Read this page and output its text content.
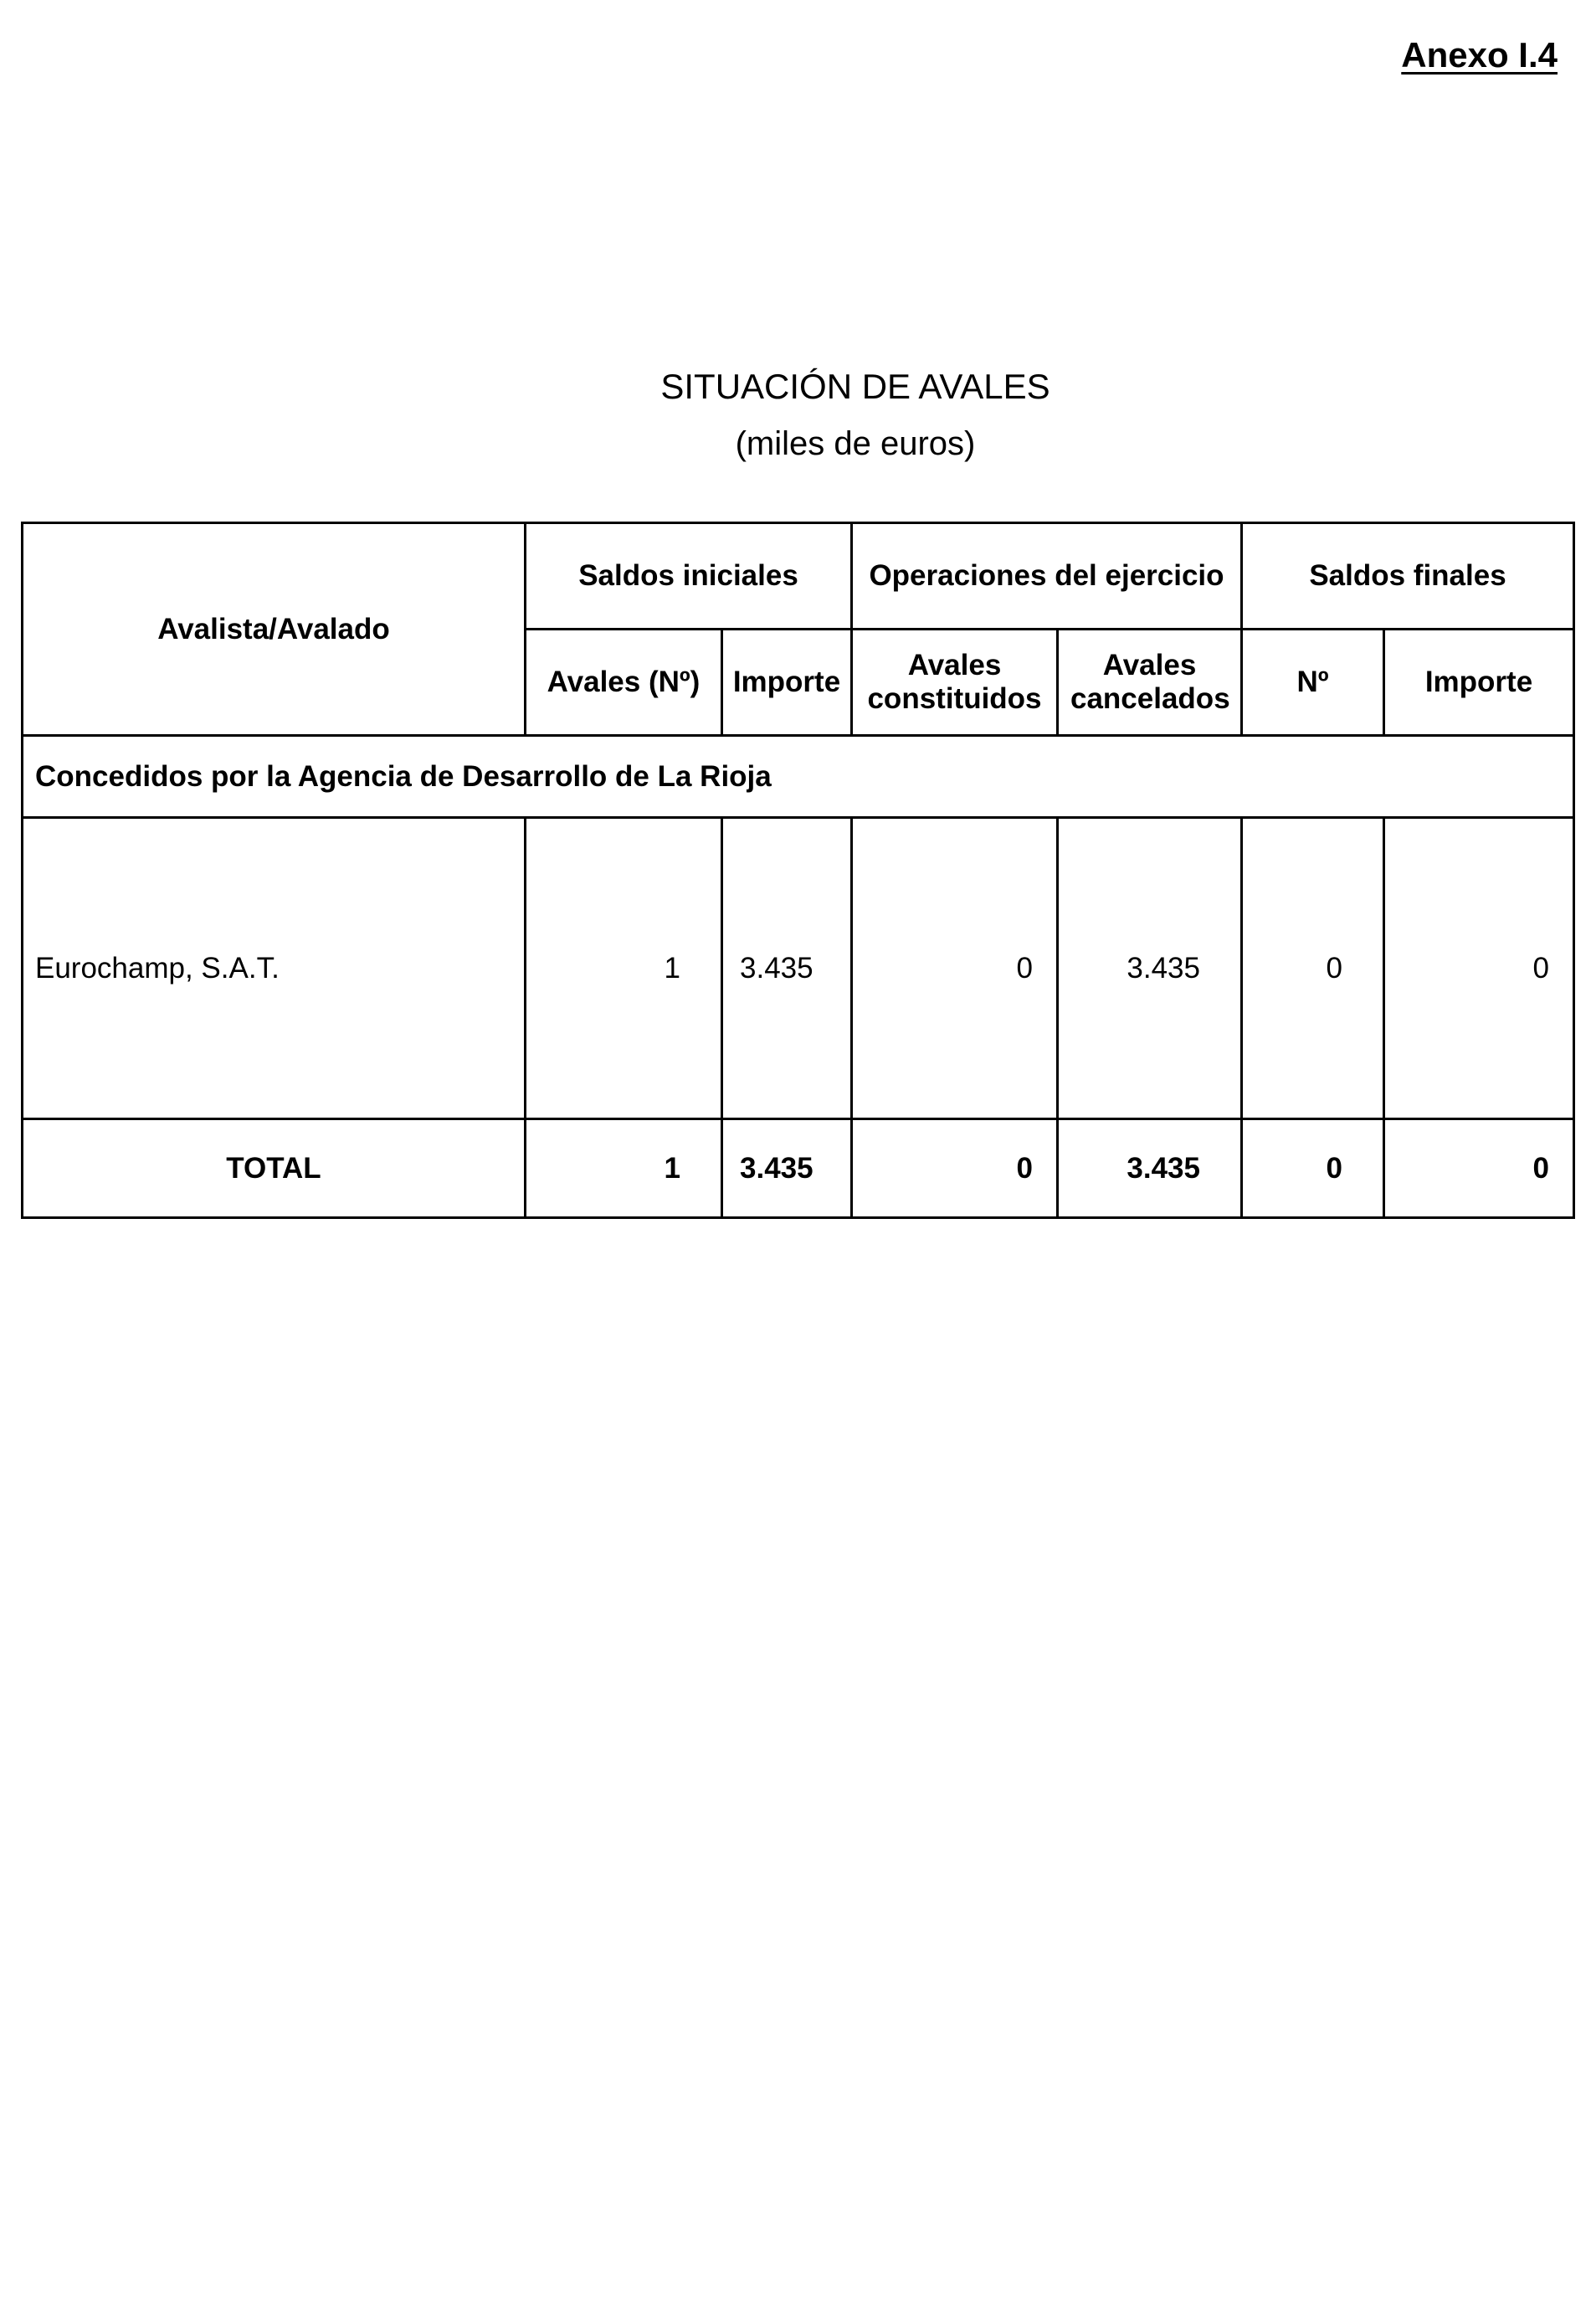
Anexo I.4
SITUACIÓN DE AVALES
(miles de euros)
Avalista/Avalado	Saldos iniciales		Operaciones del ejercicio		Saldos finales	
	Avales (Nº)	Importe	Avales constituidos	Avales cancelados	Nº	Importe
Concedidos por la Agencia de Desarrollo de La Rioja						
Eurochamp, S.A.T.	1	3.435	0	3.435	0	0
TOTAL	1	3.435	0	3.435	0	0
